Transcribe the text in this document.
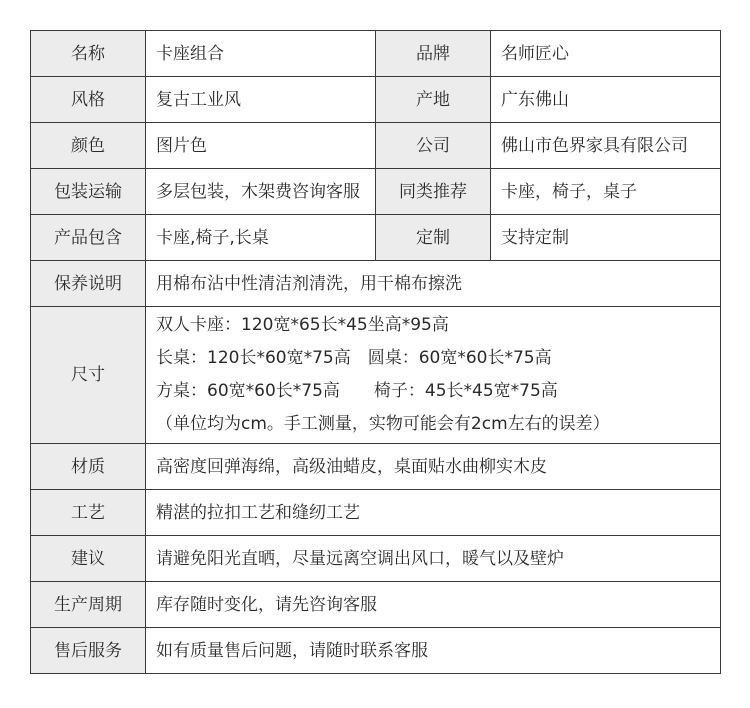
名称	卡座组合	品牌	名师匠心
风格	复古工业风	产地	广东佛山
颜色	图片色	公司	佛山市色界家具有限公司
包装运输	多层包装，木架费咨询客服	同类推荐	卡座，椅子，桌子
产品包含	卡座,椅子,长桌	定制	支持定制
保养说明	用棉布沾中性清洁剂清洗，用干棉布擦洗		
尺寸	双人卡座：120宽*65长*45坐高*95高
长桌：120长*60宽*75高　圆桌：60宽*60长*75高
方桌：60宽*60长*75高　　椅子：45长*45宽*75高
（单位均为cm。手工测量，实物可能会有2cm左右的误差）		

材质	高密度回弹海绵，高级油蜡皮，桌面贴水曲柳实木皮		
工艺	精湛的拉扣工艺和缝纫工艺		
建议	请避免阳光直晒，尽量远离空调出风口，暖气以及壁炉		
生产周期	库存随时变化，请先咨询客服		
售后服务	如有质量售后问题，请随时联系客服		
